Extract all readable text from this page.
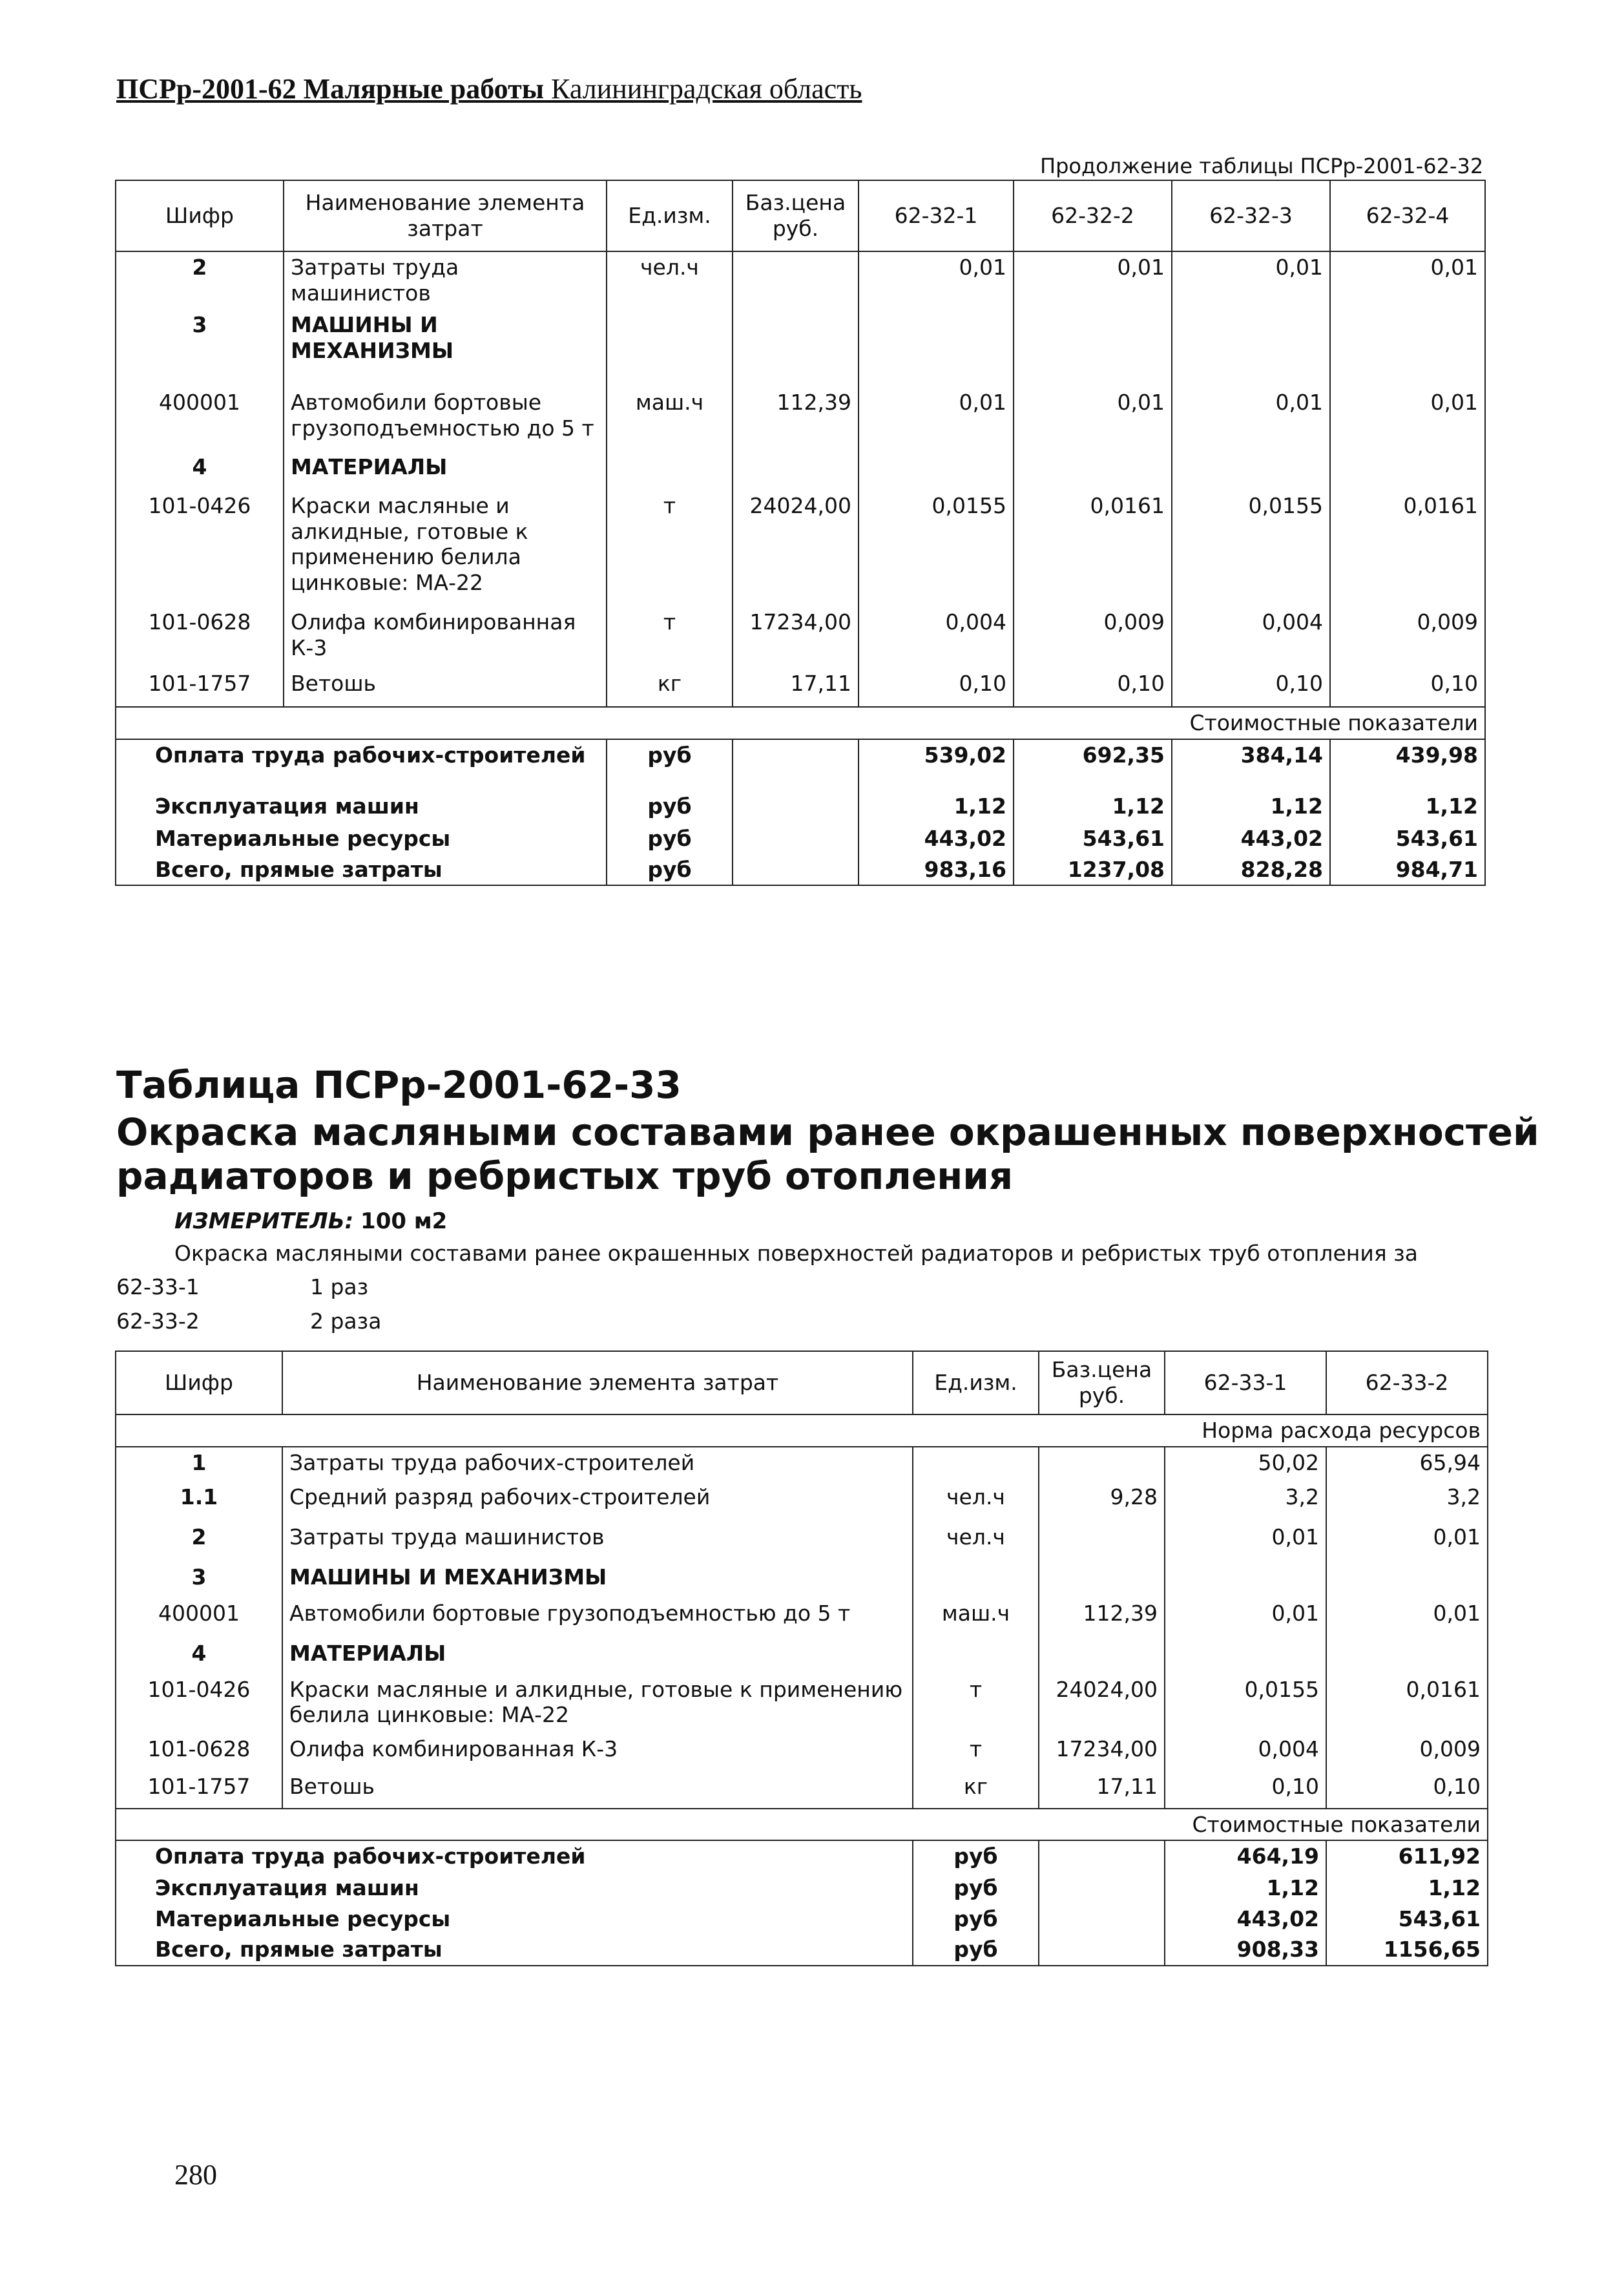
ПСРр-2001-62 Малярные работы Калининградская область
Продолжение таблицы ПСРр-2001-62-32
Шифр	Наименование элемента затрат	Ед.изм.	Баз.цена руб.	62-32-1	62-32-2	62-32-3	62-32-4
2	Затраты труда машинистов	чел.ч		0,01	0,01	0,01	0,01
3	МАШИНЫ И МЕХАНИЗМЫ						
400001	Автомобили бортовые грузоподъемностью до 5 т	маш.ч	112,39	0,01	0,01	0,01	0,01
4	МАТЕРИАЛЫ						
101-0426	Краски масляные и алкидные, готовые к применению белила цинковые: МА-22	т	24024,00	0,0155	0,0161	0,0155	0,0161
101-0628	Олифа комбинированная К-3	т	17234,00	0,004	0,009	0,004	0,009
101-1757	Ветошь	кг	17,11	0,10	0,10	0,10	0,10
Стоимостные показатели							
Оплата труда рабочих-строителей		руб		539,02	692,35	384,14	439,98
Эксплуатация машин		руб		1,12	1,12	1,12	1,12
Материальные ресурсы		руб		443,02	543,61	443,02	543,61
Всего, прямые затраты		руб		983,16	1237,08	828,28	984,71
Таблица ПСРр-2001-62-33
Окраска масляными составами ранее окрашенных поверхностей
радиаторов и ребристых труб отопления
ИЗМЕРИТЕЛЬ: 100 м2
Окраска масляными составами ранее окрашенных поверхностей радиаторов и ребристых труб отопления за
62-33-1	1 раз
62-33-2	2 раза
Шифр	Наименование элемента затрат	Ед.изм.	Баз.цена руб.	62-33-1	62-33-2
Норма расхода ресурсов					
1	Затраты труда рабочих-строителей			50,02	65,94
1.1	Средний разряд рабочих-строителей	чел.ч	9,28	3,2	3,2
2	Затраты труда машинистов	чел.ч		0,01	0,01
3	МАШИНЫ И МЕХАНИЗМЫ				
400001	Автомобили бортовые грузоподъемностью до 5 т	маш.ч	112,39	0,01	0,01
4	МАТЕРИАЛЫ				
101-0426	Краски масляные и алкидные, готовые к применению белила цинковые: МА-22	т	24024,00	0,0155	0,0161
101-0628	Олифа комбинированная К-3	т	17234,00	0,004	0,009
101-1757	Ветошь	кг	17,11	0,10	0,10
Стоимостные показатели					
Оплата труда рабочих-строителей		руб		464,19	611,92
Эксплуатация машин		руб		1,12	1,12
Материальные ресурсы		руб		443,02	543,61
Всего, прямые затраты		руб		908,33	1156,65
280
